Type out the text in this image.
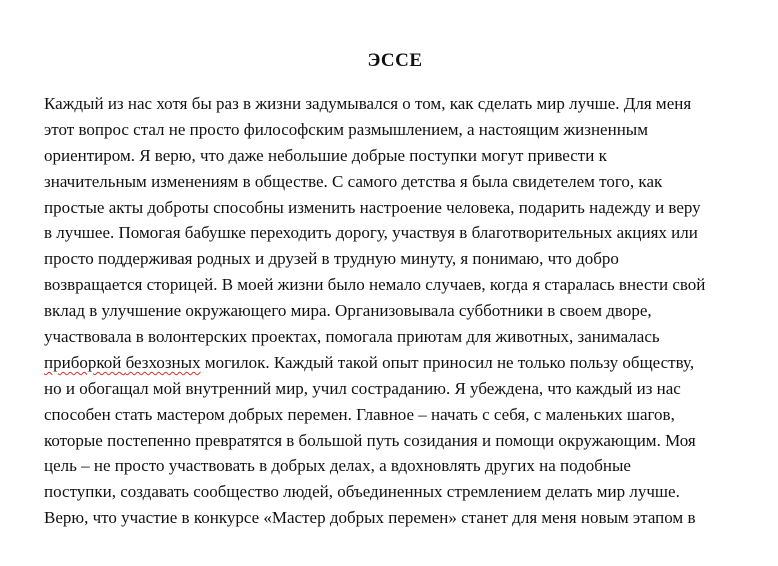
ЭССЕ
Каждый из нас хотя бы раз в жизни задумывался о том, как сделать мир лучше. Для меня
этот вопрос стал не просто философским размышлением, а настоящим жизненным
ориентиром. Я верю, что даже небольшие добрые поступки могут привести к
значительным изменениям в обществе. С самого детства я была свидетелем того, как
простые акты доброты способны изменить настроение человека, подарить надежду и веру
в лучшее. Помогая бабушке переходить дорогу, участвуя в благотворительных акциях или
просто поддерживая родных и друзей в трудную минуту, я понимаю, что добро
возвращается сторицей. В моей жизни было немало случаев, когда я старалась внести свой
вклад в улучшение окружающего мира. Организовывала субботники в своем дворе,
участвовала в волонтерских проектах, помогала приютам для животных, занималась
приборкой безхозных могилок. Каждый такой опыт приносил не только пользу обществу,
но и обогащал мой внутренний мир, учил состраданию. Я убеждена, что каждый из нас
способен стать мастером добрых перемен. Главное – начать с себя, с маленьких шагов,
которые постепенно превратятся в большой путь созидания и помощи окружающим. Моя
цель – не просто участвовать в добрых делах, а вдохновлять других на подобные
поступки, создавать сообщество людей, объединенных стремлением делать мир лучше.
Верю, что участие в конкурсе «Мастер добрых перемен» станет для меня новым этапом в
